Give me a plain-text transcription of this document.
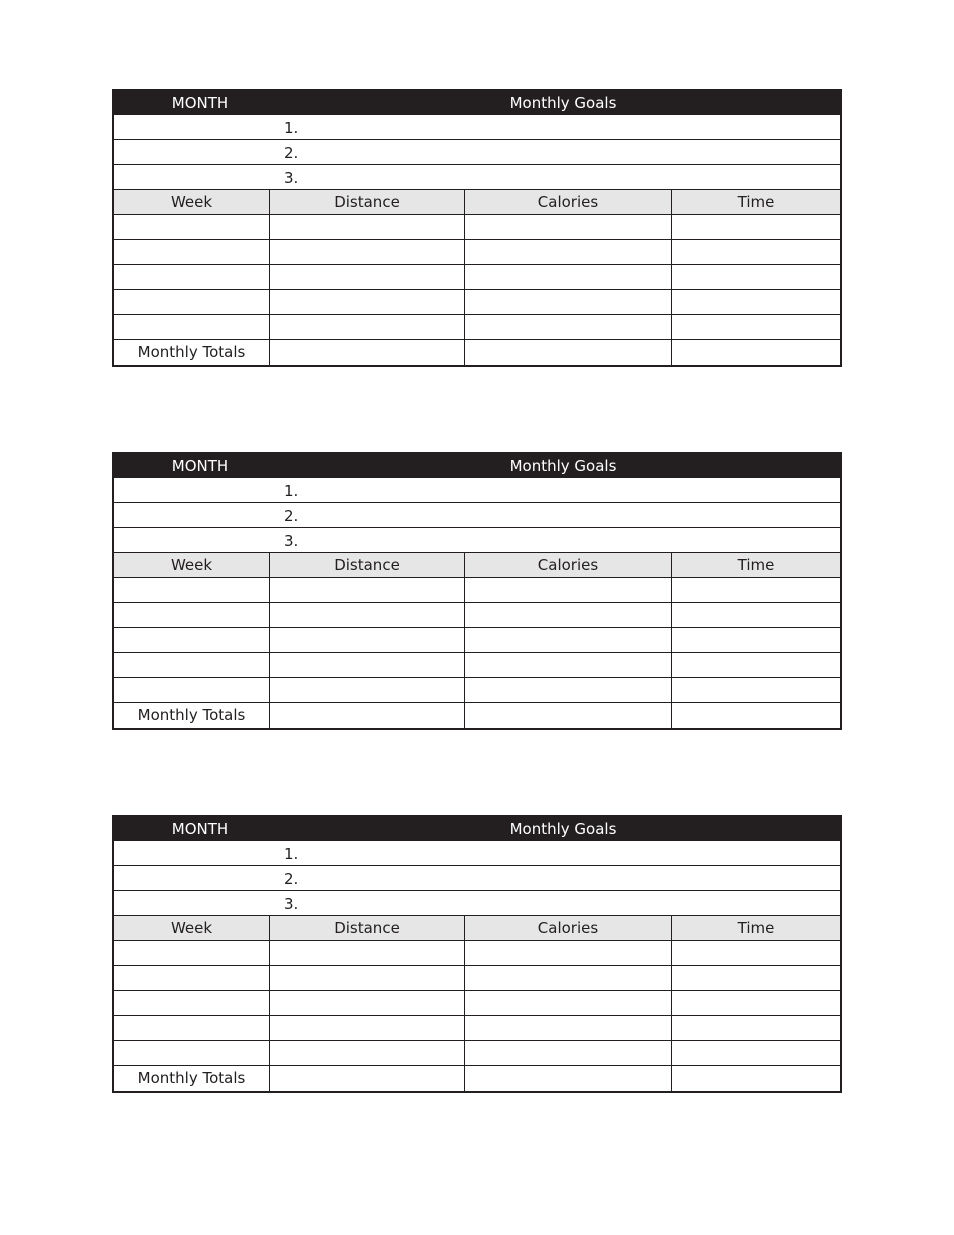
MONTH	Monthly Goals
1.
2.
3.
Week	Distance	Calories	Time
Monthly Totals
MONTH	Monthly Goals
1.
2.
3.
Week	Distance	Calories	Time
Monthly Totals
MONTH	Monthly Goals
1.
2.
3.
Week	Distance	Calories	Time
Monthly Totals
